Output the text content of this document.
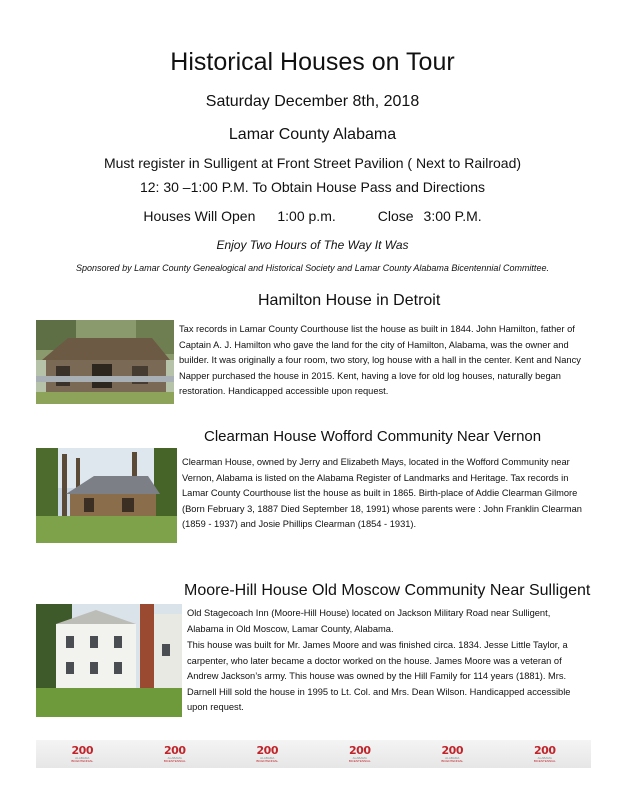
Historical Houses on Tour
Saturday December 8th, 2018
Lamar County Alabama
Must register in Sulligent at Front Street Pavilion ( Next to Railroad)
12: 30 –1:00 P.M. To Obtain House Pass and Directions
Houses Will Open 1:00 p.m.	Close 3:00 P.M.
Enjoy Two Hours of The Way It Was
Sponsored by Lamar County Genealogical and Historical Society and Lamar County Alabama Bicentennial Committee.
Hamilton House in Detroit
Tax records in Lamar County Courthouse list the house as built in 1844. John Hamilton, father of Captain A. J. Hamilton who gave the land for the city of Hamilton, Alabama, was the owner and builder. It was originally a four room, two story, log house with a hall in the center. Kent and Nancy Napper purchased the house in 2015. Kent, having a love for old log houses, naturally began restoration. Handicapped accessible upon request.
Clearman House Wofford Community Near Vernon
Clearman House, owned by Jerry and Elizabeth Mays, located in the Wofford Community near Vernon, Alabama is listed on the Alabama Register of Landmarks and Heritage. Tax records in Lamar County Courthouse list the house as built in 1865. Birth-place of Addie Clearman Gilmore (Born February 3, 1887 Died September 18, 1991) whose parents were : John Franklin Clearman (1859 - 1937) and Josie Phillips Clearman (1854 - 1931).
Moore-Hill House Old Moscow Community Near Sulligent
Old Stagecoach Inn (Moore-Hill House) located on Jackson Military Road near Sulligent, Alabama in Old Moscow, Lamar County, Alabama.
This house was built for Mr. James Moore and was finished circa. 1834. Jesse Little Taylor, a carpenter, who later became a doctor worked on the house. James Moore was a veteran of Andrew Jackson’s army. This house was owned by the Hill Family for 114 years (1881). Mrs. Darnell Hill sold the house in 1995 to Lt. Col. and Mrs. Dean Wilson. Handicapped accessible upon request.
200
ALABAMA
BICENTENNIAL
200
ALABAMA
BICENTENNIAL
200
ALABAMA
BICENTENNIAL
200
ALABAMA
BICENTENNIAL
200
ALABAMA
BICENTENNIAL
200
ALABAMA
BICENTENNIAL
